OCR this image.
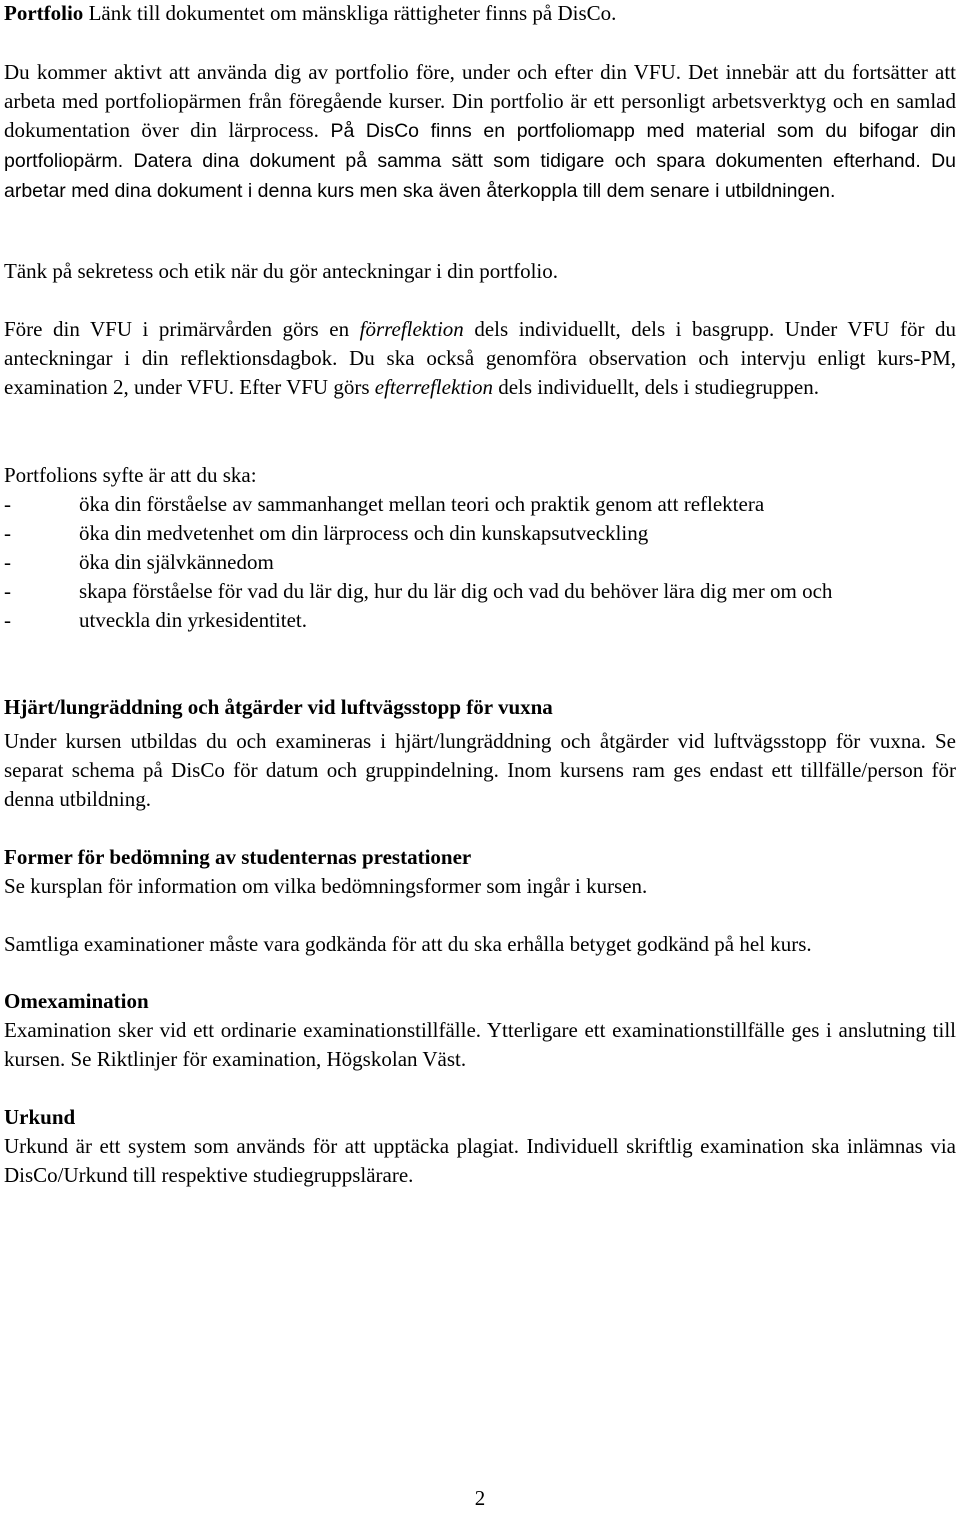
Portfolio Länk till dokumentet om mänskliga rättigheter finns på DisCo.

Du kommer aktivt att använda dig av portfolio före, under och efter din VFU. Det innebär att du fortsätter att arbeta med portfoliopärmen från föregående kurser. Din portfolio är ett personligt arbetsverktyg och en samlad dokumentation över din lärprocess. På DisCo finns en portfoliomapp med material som du bifogar din portfoliopärm. Datera dina dokument på samma sätt som tidigare och spara dokumenten efterhand. Du arbetar med dina dokument i denna kurs men ska även återkoppla till dem senare i utbildningen.

Tänk på sekretess och etik när du gör anteckningar i din portfolio.

Före din VFU i primärvården görs en förreflektion dels individuellt, dels i basgrupp. Under VFU för du anteckningar i din reflektionsdagbok. Du ska också genomföra observation och intervju enligt kurs-PM, examination 2, under VFU. Efter VFU görs efterreflektion dels individuellt, dels i studiegruppen.

Portfolions syfte är att du ska:

-	öka din förståelse av sammanhanget mellan teori och praktik genom att reflektera
-	öka din medvetenhet om din lärprocess och din kunskapsutveckling
-	öka din självkännedom
-	skapa förståelse för vad du lär dig, hur du lär dig och vad du behöver lära dig mer om och
-	utveckla din yrkesidentitet.

Hjärt/lungräddning och åtgärder vid luftvägsstopp för vuxna

Under kursen utbildas du och examineras i hjärt/lungräddning och åtgärder vid luftvägsstopp för vuxna. Se separat schema på DisCo för datum och gruppindelning. Inom kursens ram ges endast ett tillfälle/person för denna utbildning.

Former för bedömning av studenternas prestationer

Se kursplan för information om vilka bedömningsformer som ingår i kursen.

Samtliga examinationer måste vara godkända för att du ska erhålla betyget godkänd på hel kurs.

Omexamination

Examination sker vid ett ordinarie examinationstillfälle. Ytterligare ett examinationstillfälle ges i anslutning till kursen. Se Riktlinjer för examination, Högskolan Väst.

Urkund

Urkund är ett system som används för att upptäcka plagiat. Individuell skriftlig examination ska inlämnas via DisCo/Urkund till respektive studiegruppslärare.

2
